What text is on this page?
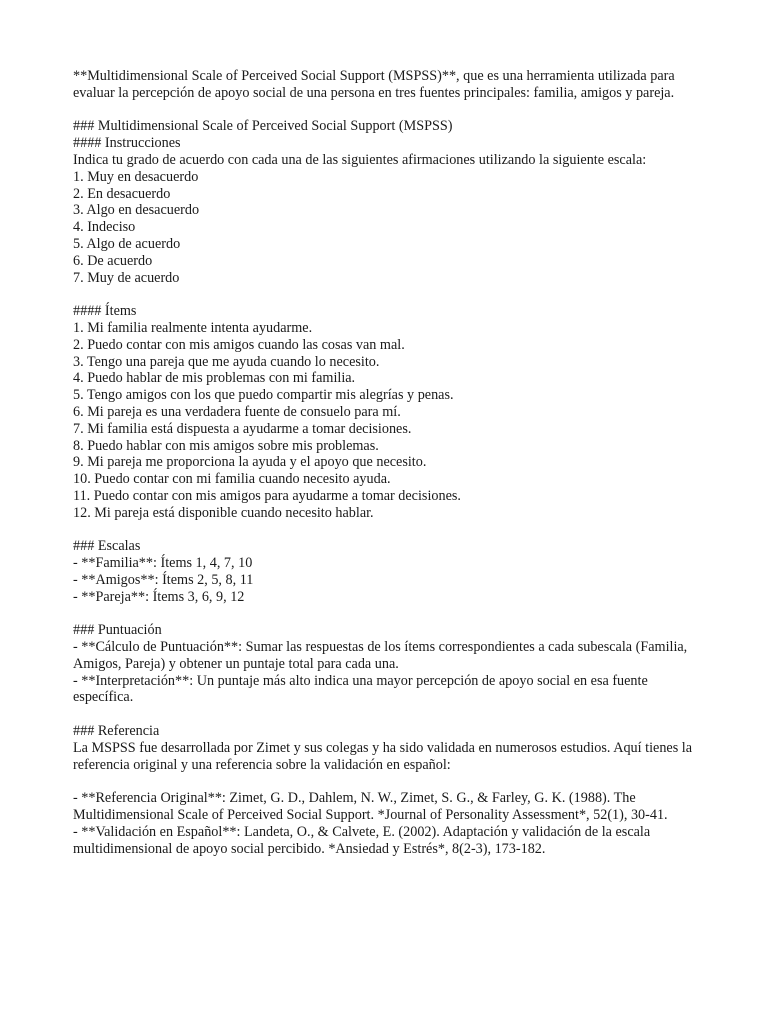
**Multidimensional Scale of Perceived Social Support (MSPSS)**, que es una herramienta utilizada para evaluar la percepción de apoyo social de una persona en tres fuentes principales: familia, amigos y pareja.

### Multidimensional Scale of Perceived Social Support (MSPSS)

#### Instrucciones

Indica tu grado de acuerdo con cada una de las siguientes afirmaciones utilizando la siguiente escala:

1. Muy en desacuerdo

2. En desacuerdo

3. Algo en desacuerdo

4. Indeciso

5. Algo de acuerdo

6. De acuerdo

7. Muy de acuerdo

#### Ítems

1. Mi familia realmente intenta ayudarme.

2. Puedo contar con mis amigos cuando las cosas van mal.

3. Tengo una pareja que me ayuda cuando lo necesito.

4. Puedo hablar de mis problemas con mi familia.

5. Tengo amigos con los que puedo compartir mis alegrías y penas.

6. Mi pareja es una verdadera fuente de consuelo para mí.

7. Mi familia está dispuesta a ayudarme a tomar decisiones.

8. Puedo hablar con mis amigos sobre mis problemas.

9. Mi pareja me proporciona la ayuda y el apoyo que necesito.

10. Puedo contar con mi familia cuando necesito ayuda.

11. Puedo contar con mis amigos para ayudarme a tomar decisiones.

12. Mi pareja está disponible cuando necesito hablar.

### Escalas

- **Familia**: Ítems 1, 4, 7, 10

- **Amigos**: Ítems 2, 5, 8, 11

- **Pareja**: Ítems 3, 6, 9, 12

### Puntuación

- **Cálculo de Puntuación**: Sumar las respuestas de los ítems correspondientes a cada subescala (Familia, Amigos, Pareja) y obtener un puntaje total para cada una.

- **Interpretación**: Un puntaje más alto indica una mayor percepción de apoyo social en esa fuente específica.

### Referencia

La MSPSS fue desarrollada por Zimet y sus colegas y ha sido validada en numerosos estudios. Aquí tienes la referencia original y una referencia sobre la validación en español:

- **Referencia Original**: Zimet, G. D., Dahlem, N. W., Zimet, S. G., & Farley, G. K. (1988). The Multidimensional Scale of Perceived Social Support. *Journal of Personality Assessment*, 52(1), 30-41.

- **Validación en Español**: Landeta, O., & Calvete, E. (2002). Adaptación y validación de la escala multidimensional de apoyo social percibido. *Ansiedad y Estrés*, 8(2-3), 173-182.
